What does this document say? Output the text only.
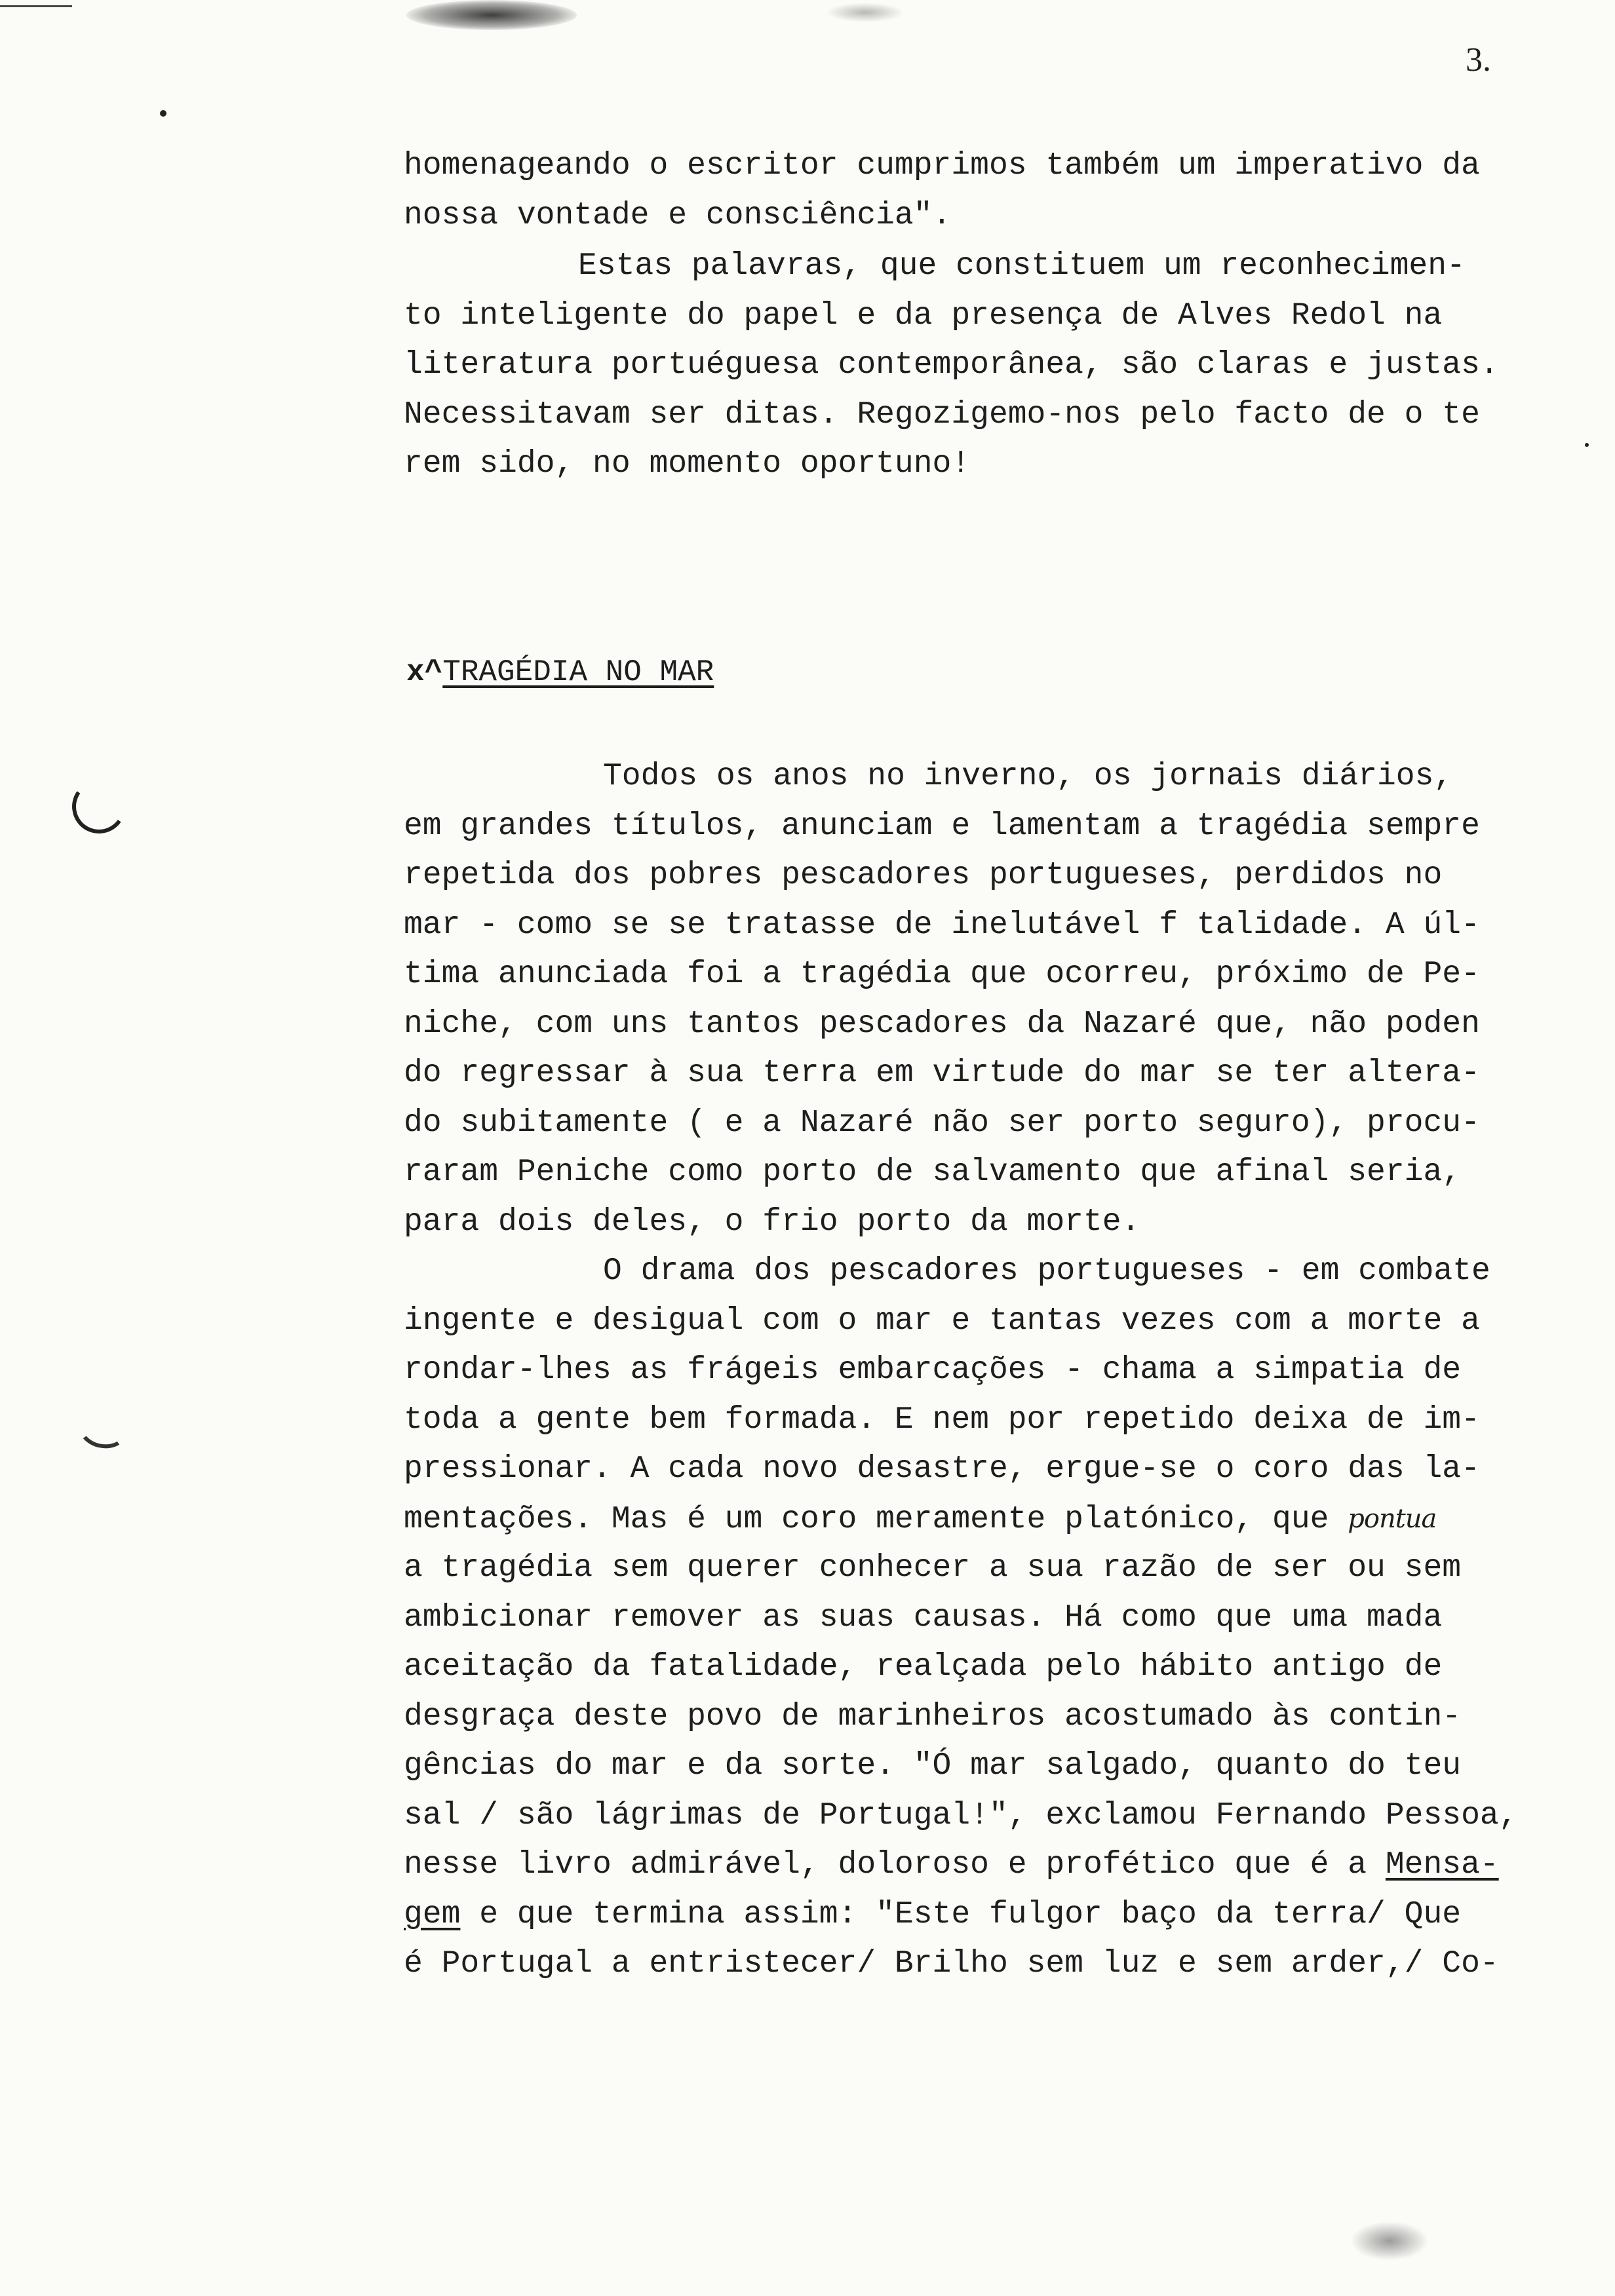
3.
homenageando o escritor cumprimos também um imperativo da
nossa vontade e consciência".
Estas palavras, que constituem um reconhecimen-
to inteligente do papel e da presença de Alves Redol na
literatura portuéguesa contemporânea, são claras e justas.
Necessitavam ser ditas. Regozigemo-nos pelo facto de o te
rem sido, no momento oportuno!
x^TRAGÉDIA NO MAR
Todos os anos no inverno, os jornais diários,
em grandes títulos, anunciam e lamentam a tragédia sempre
repetida dos pobres pescadores portugueses, perdidos no
mar - como se se tratasse de inelutável f talidade. A úl-
tima anunciada foi a tragédia que ocorreu, próximo de Pe-
niche, com uns tantos pescadores da Nazaré que, não poden
do regressar à sua terra em virtude do mar se ter altera-
do subitamente ( e a Nazaré não ser porto seguro), procu-
raram Peniche como porto de salvamento que afinal seria,
para dois deles, o frio porto da morte.
O drama dos pescadores portugueses - em combate
ingente e desigual com o mar e tantas vezes com a morte a
rondar-lhes as frágeis embarcações - chama a simpatia de
toda a gente bem formada. E nem por repetido deixa de im-
pressionar. A cada novo desastre, ergue-se o coro das la-
mentações. Mas é um coro meramente platónico, que pontua
a tragédia sem querer conhecer a sua razão de ser ou sem
ambicionar remover as suas causas. Há como que uma mada
aceitação da fatalidade, realçada pelo hábito antigo de
desgraça deste povo de marinheiros acostumado às contin-
gências do mar e da sorte. "Ó mar salgado, quanto do teu
sal / são lágrimas de Portugal!", exclamou Fernando Pessoa,
nesse livro admirável, doloroso e profético que é a Mensa-
gem e que termina assim: "Este fulgor baço da terra/ Que
é Portugal a entristecer/ Brilho sem luz e sem arder,/ Co-
